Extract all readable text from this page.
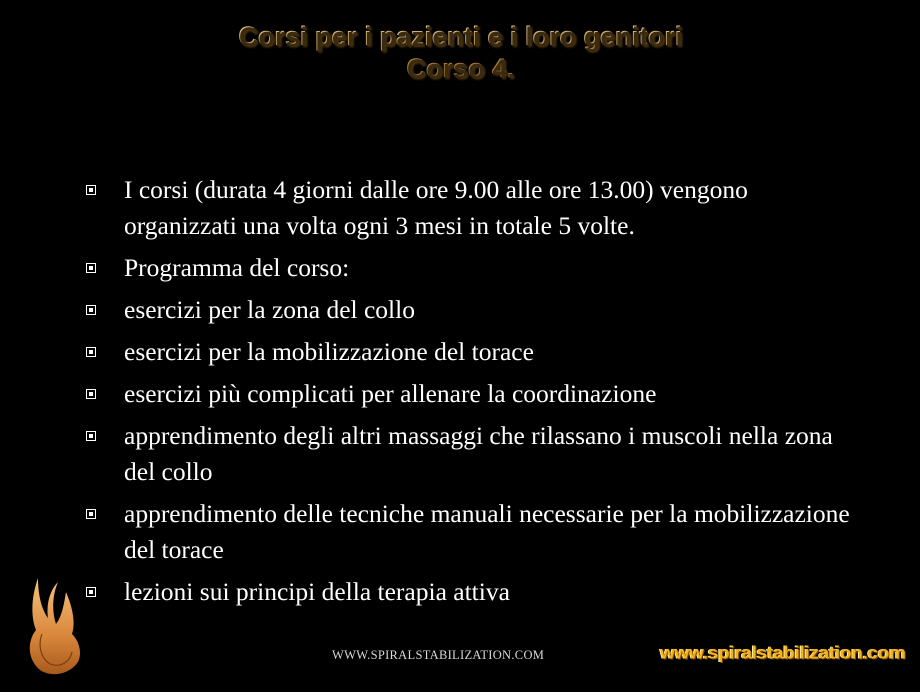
Corsi per i pazienti e i loro genitori
Corso 4.
I corsi (durata 4 giorni dalle ore 9.00 alle ore 13.00) vengono organizzati una volta ogni 3 mesi in totale 5 volte.
Programma del corso:
esercizi per la zona del collo
esercizi per la mobilizzazione del torace
esercizi più complicati per allenare la coordinazione
apprendimento degli altri massaggi che rilassano i muscoli nella zona del collo
apprendimento delle tecniche manuali necessarie per la mobilizzazione del torace
lezioni sui principi della terapia attiva
WWW.SPIRALSTABILIZATION.COM	www.spiralstabilization.com
